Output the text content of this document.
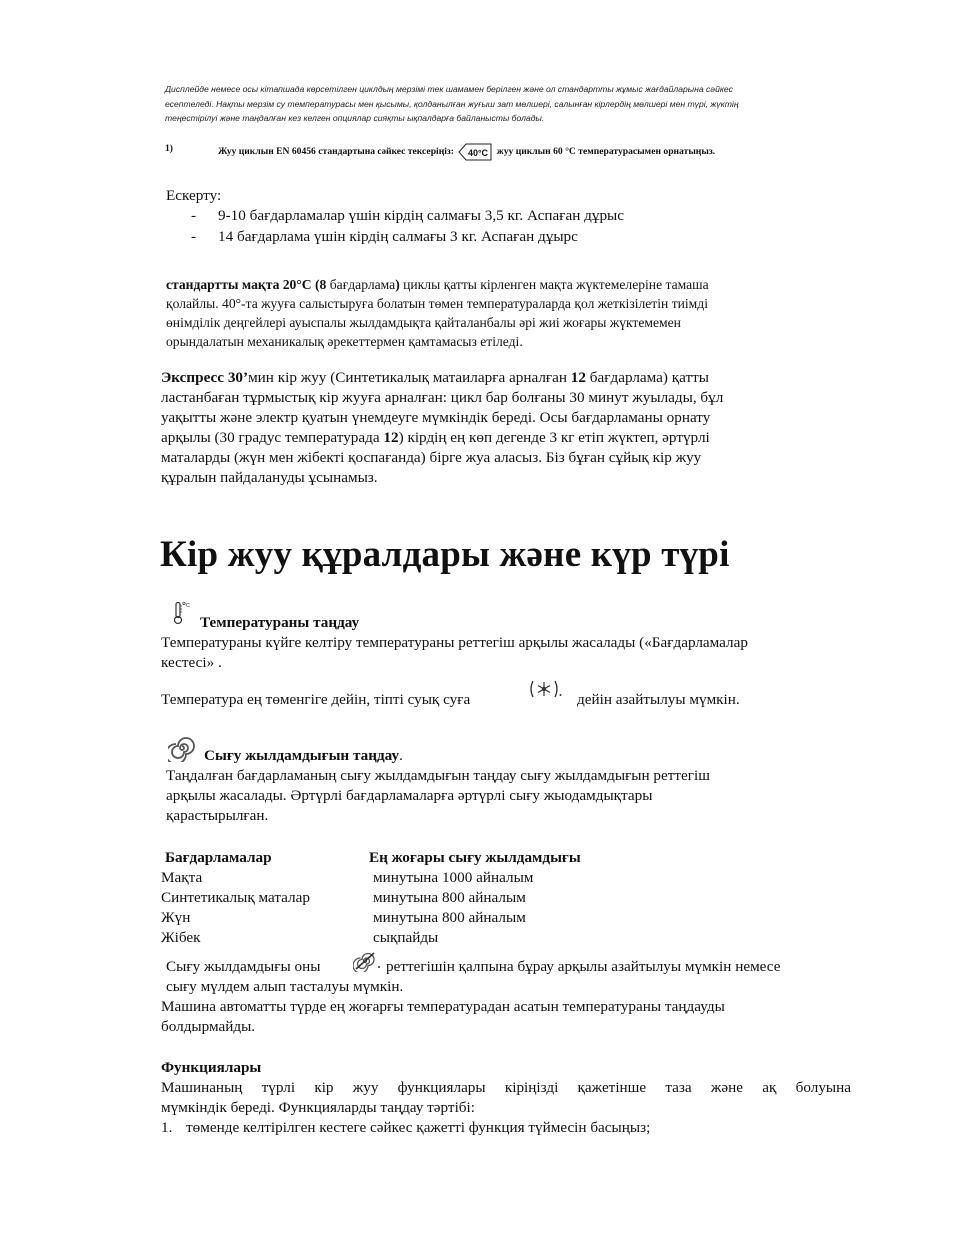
Дисплейде немесе осы кітапшада көрсетілген циклдың мерзімі тек шамамен берілген және ол стандартты жұмыс жағдайларына сәйкес
есептеледі. Нақты мерзім су температурасы мен қысымы, қолданылған жуғыш зат мөлшері, салынған кірлердің мөлшері мен түрі, жүктің
теңестірілуі және таңдалған кез келген опциялар сияқты ықпалдарға байланысты болады.
1)	Жуу циклын EN 60456 стандартына сәйкес тексеріңіз: 40°C жуу циклын 60 °C температурасымен орнатыңыз.
Ескерту:
- 9-10 бағдарламалар үшін кірдің салмағы 3,5 кг. Аспаған дұрыс
- 14 бағдарлама үшін кірдің салмағы 3 кг. Аспаған дұырс
стандартты мақта 20°C (8 бағдарлама) циклы қатты кірленген мақта жүктемелеріне тамаша
қолайлы. 40°-та жууға салыстыруға болатын төмен температураларда қол жеткізілетін тиімді
өнімділік деңгейлері ауыспалы жылдамдықта қайталанбалы әрі жиі жоғары жүктемемен
орындалатын механикалық әрекеттермен қамтамасыз етіледі.
Экспресс 30’мин кір жуу (Синтетикалық матаиларға арналған 12 бағдарлама) қатты
ластанбаған тұрмыстық кір жууға арналған: цикл бар болғаны 30 минут жуылады, бұл
уақытты және электр қуатын үнемдеуге мүмкіндік береді. Осы бағдарламаны орнату
арқылы (30 градус температурада 12) кірдің ең көп дегенде 3 кг етіп жүктеп, әртүрлі
маталарды (жүн мен жібекті қоспағанда) бірге жуа аласыз. Біз бұған сұйық кір жуу
құралын пайдалануды ұсынамыз.
Кір жуу құралдары және күр түрі
C
Температураны таңдау
Температураны күйге келтіру температураны реттегіш арқылы жасалады («Бағдарламалар
кестесі» .
Температура ең төменгіге дейін, тіпті суық суға	дейін азайтылуы мүмкін.
Сығу жылдамдығын таңдау.
Таңдалған бағдарламаның сығу жылдамдығын таңдау сығу жылдамдығын реттегіш
арқылы жасалады. Әртүрлі бағдарламаларға әртүрлі сығу жыодамдықтары
қарастырылған.
Бағдарламалар	Ең жоғары сығу жылдамдығы
Мақта	минутына 1000 айналым
Синтетикалық маталар	минутына 800 айналым
Жүн	минутына 800 айналым
Жібек	сықпайды
Сығу жылдамдығы оны	реттегішін қалпына бұрау арқылы азайтылуы мүмкін немесе
сығу мүлдем алып тасталуы мүмкін.
Машина автоматты түрде ең жоғарғы температурадан асатын температураны таңдауды
болдырмайды.
Функциялары
Машинаның түрлі кір жуу функциялары кіріңізді қажетінше таза және ақ болуына
мүмкіндік береді. Функцияларды таңдау тәртібі:
1. төменде келтірілген кестеге сәйкес қажетті функция түймесін басыңыз;
